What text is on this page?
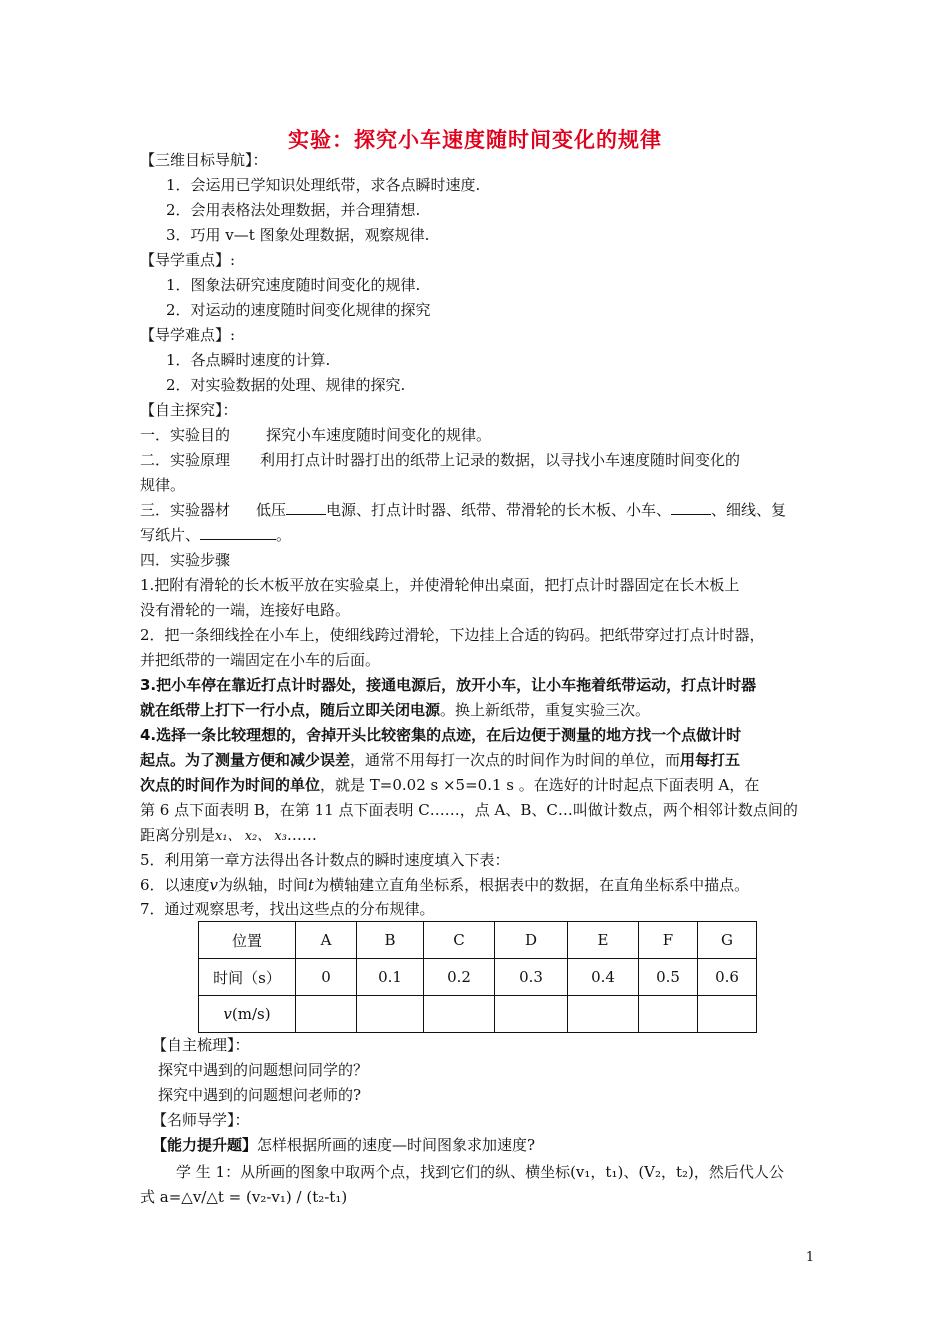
实验：探究小车速度随时间变化的规律
【三维目标导航】：
1．会运用已学知识处理纸带，求各点瞬时速度.
2．会用表格法处理数据，并合理猜想.
3．巧用 v—t 图象处理数据，观察规律.
【导学重点】:
1．图象法研究速度随时间变化的规律.
2．对运动的速度随时间变化规律的探究
【导学难点】:
1．各点瞬时速度的计算.
2．对实验数据的处理、规律的探究.
【自主探究】：
一．实验目的 探究小车速度随时间变化的规律。
二．实验原理 利用打点计时器打出的纸带上记录的数据，以寻找小车速度随时间变化的
规律。
三．实验器材 低压	电源、打点计时器、纸带、带滑轮的长木板、小车、	、细线、复
写纸片、	。
四．实验步骤
1.把附有滑轮的长木板平放在实验桌上，并使滑轮伸出桌面，把打点计时器固定在长木板上
没有滑轮的一端，连接好电路。
2．把一条细线拴在小车上，使细线跨过滑轮，下边挂上合适的钩码。把纸带穿过打点计时器，
并把纸带的一端固定在小车的后面。
3.把小车停在靠近打点计时器处，接通电源后，放开小车，让小车拖着纸带运动，打点计时器
就在纸带上打下一行小点，随后立即关闭电源。换上新纸带，重复实验三次。
4.选择一条比较理想的，舍掉开头比较密集的点迹，在后边便于测量的地方找一个点做计时
起点。为了测量方便和减少误差，通常不用每打一次点的时间作为时间的单位，而用每打五
次点的时间作为时间的单位，就是 T=0.02 s ×5=0.1 s 。在选好的计时起点下面表明 A，在
第 6 点下面表明 B，在第 11 点下面表明 C……，点 A、B、C…叫做计数点，两个相邻计数点间的
距离分别是x₁、 x₂、 x₃……
5．利用第一章方法得出各计数点的瞬时速度填入下表：
6．以速度v为纵轴，时间t为横轴建立直角坐标系，根据表中的数据，在直角坐标系中描点。
7．通过观察思考，找出这些点的分布规律。
位置	A	B	C	D	E	F	G
时间（s）	0	0.1	0.2	0.3	0.4	0.5	0.6
v(m/s)							
【自主梳理】：
探究中遇到的问题想问同学的？
探究中遇到的问题想问老师的?
【名师导学】：
【能力提升题】怎样根据所画的速度—时间图象求加速度?
学 生 1：从所画的图象中取两个点，找到它们的纵、横坐标(v₁，t₁)、(V₂，t₂)，然后代人公
式 a=△v/△t = (v₂-v₁) / (t₂-t₁)
1
